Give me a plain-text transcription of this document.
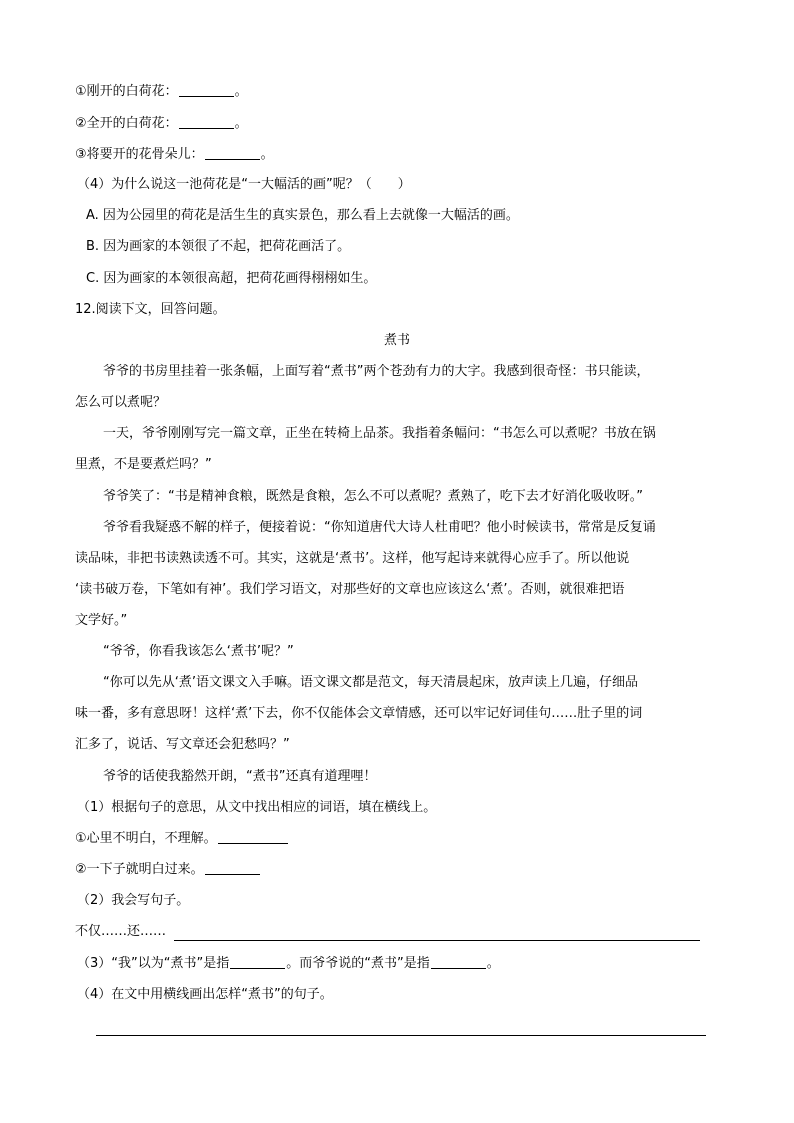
①刚开的白荷花：	。
②全开的白荷花：	。
③将要开的花骨朵儿：	。
（4）为什么说这一池荷花是“一大幅活的画”呢？（　　）
A. 因为公园里的荷花是活生生的真实景色，那么看上去就像一大幅活的画。
B. 因为画家的本领很了不起，把荷花画活了。
C. 因为画家的本领很高超，把荷花画得栩栩如生。
12.阅读下文，回答问题。
煮书
爷爷的书房里挂着一张条幅，上面写着“煮书”两个苍劲有力的大字。我感到很奇怪：书只能读，
怎么可以煮呢？
一天，爷爷刚刚写完一篇文章，正坐在转椅上品茶。我指着条幅问：“书怎么可以煮呢？书放在锅
里煮，不是要煮烂吗？”
爷爷笑了：“书是精神食粮，既然是食粮，怎么不可以煮呢？煮熟了，吃下去才好消化吸收呀。”
爷爷看我疑惑不解的样子，便接着说：“你知道唐代大诗人杜甫吧？他小时候读书，常常是反复诵
读品味，非把书读熟读透不可。其实，这就是‘煮书’。这样，他写起诗来就得心应手了。所以他说
‘读书破万卷，下笔如有神’。我们学习语文，对那些好的文章也应该这么‘煮’。否则，就很难把语
文学好。”
“爷爷，你看我该怎么‘煮书’呢？”
“你可以先从‘煮’语文课文入手嘛。语文课文都是范文，每天清晨起床，放声读上几遍，仔细品
味一番，多有意思呀！这样‘煮’下去，你不仅能体会文章情感，还可以牢记好词佳句……肚子里的词
汇多了，说话、写文章还会犯愁吗？”
爷爷的话使我豁然开朗，“煮书”还真有道理哩！
（1）根据句子的意思，从文中找出相应的词语，填在横线上。
①心里不明白，不理解。
②一下子就明白过来。
（2）我会写句子。
不仅……还……
（3）“我”以为“煮书”是指	。而爷爷说的“煮书”是指	。
（4）在文中用横线画出怎样“煮书”的句子。
